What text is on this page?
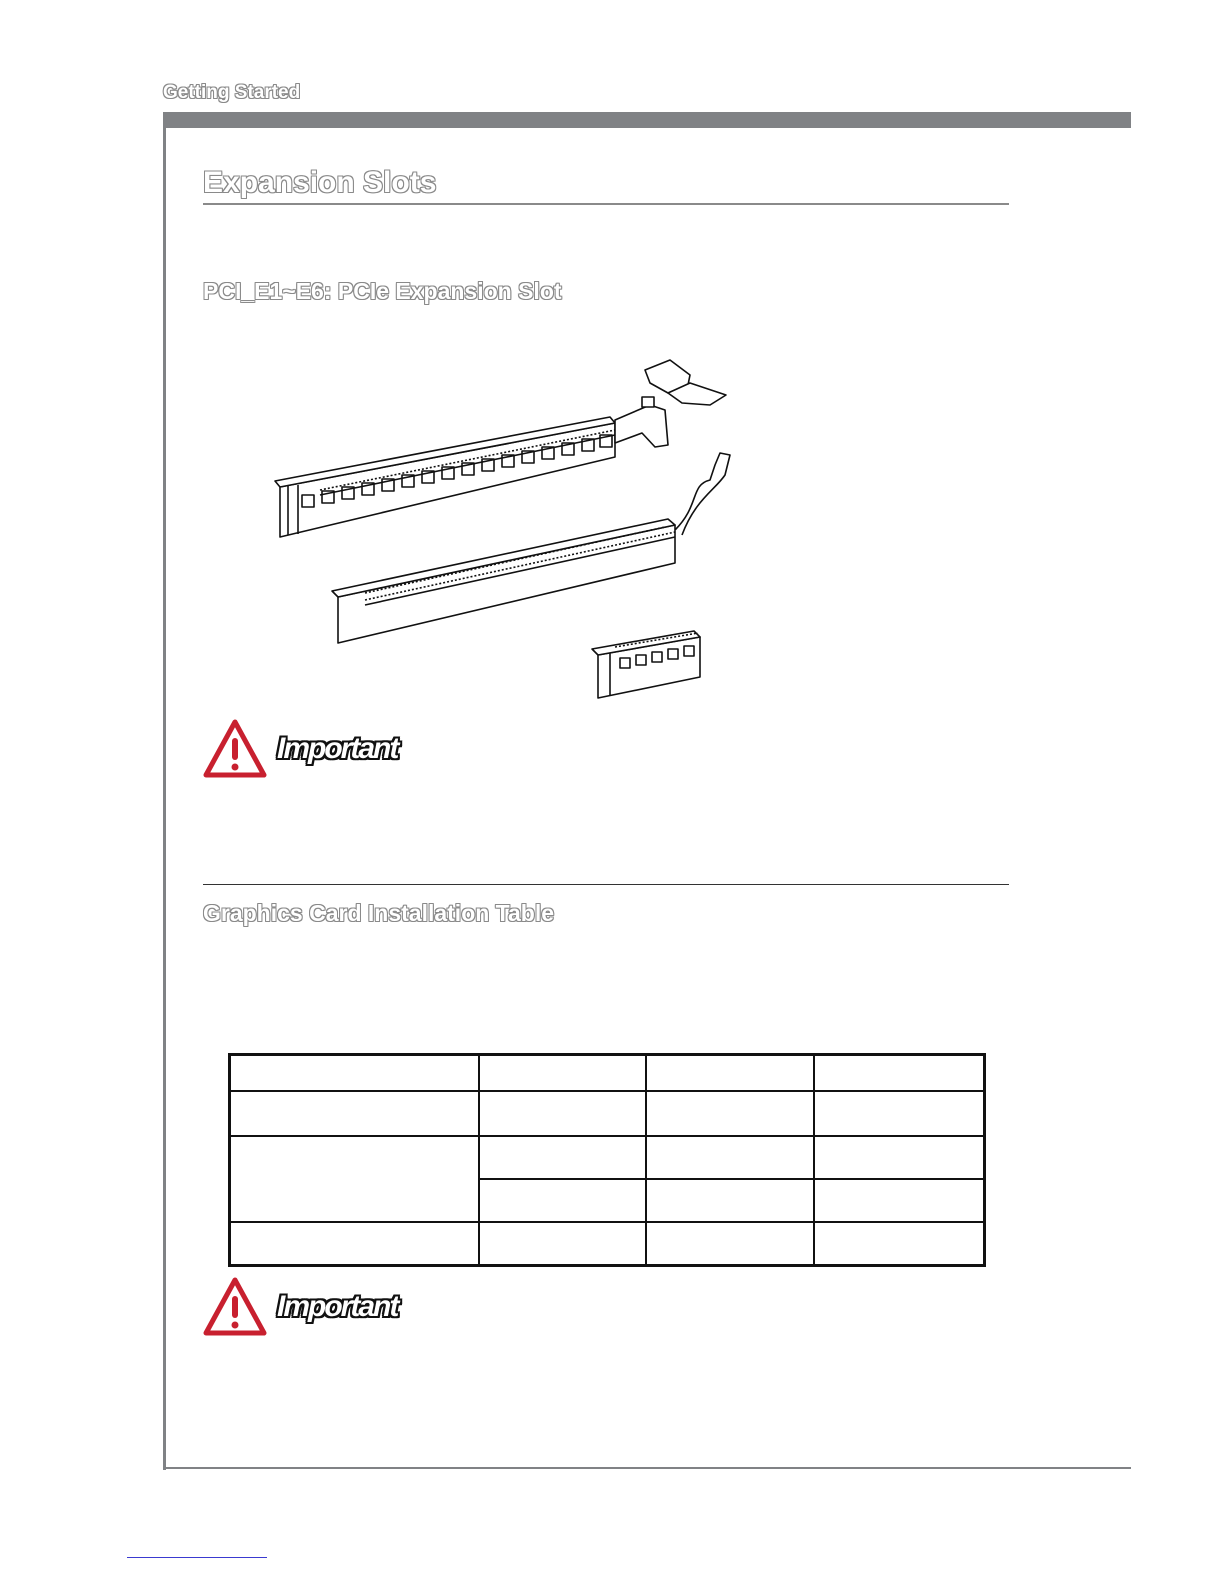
Getting Started
Expansion Slots
PCI_E1~E6: PCIe Expansion Slot
Important
Graphics Card Installation Table

Important
